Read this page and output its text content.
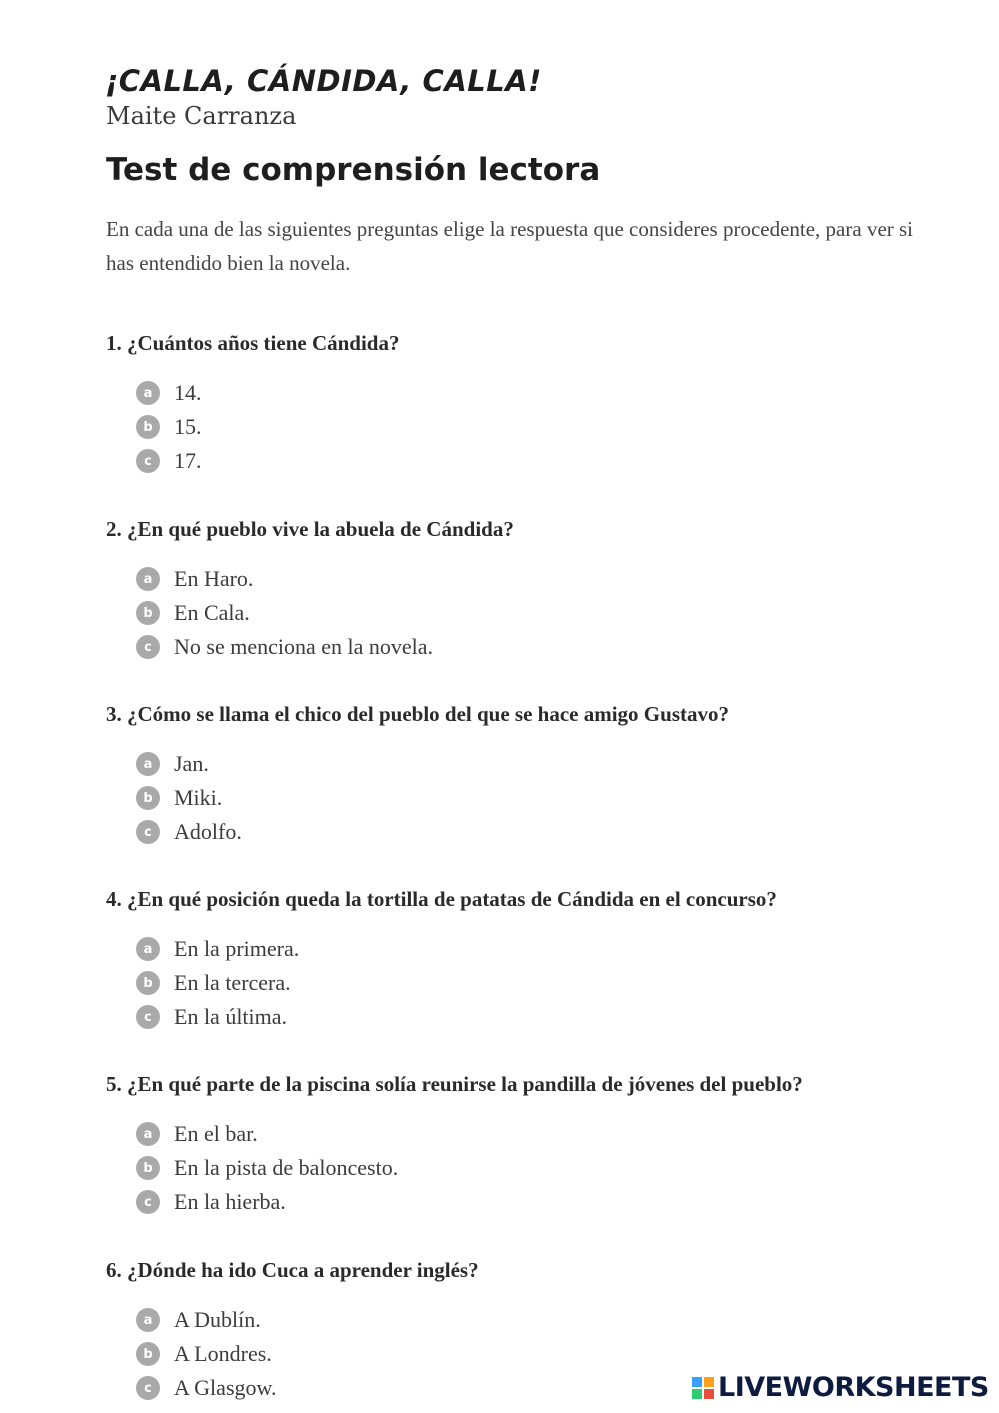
¡CALLA, CÁNDIDA, CALLA!

Maite Carranza

Test de comprensión lectora

En cada una de las siguientes preguntas elige la respuesta que consideres procedente, para ver si has entendido bien la novela.

1. ¿Cuántos años tiene Cándida?

a 14.
b 15.
c	17.

2. ¿En qué pueblo vive la abuela de Cándida?

a En Haro.
b En Cala.
c	No se menciona en la novela.

3. ¿Cómo se llama el chico del pueblo del que se hace amigo Gustavo?

a Jan.
b Miki.
c	Adolfo.

4. ¿En qué posición queda la tortilla de patatas de Cándida en el concurso?

a En la primera.
b En la tercera.
c	En la última.

5. ¿En qué parte de la piscina solía reunirse la pandilla de jóvenes del pueblo?

a En el bar.
b En la pista de baloncesto.
c	En la hierba.

6. ¿Dónde ha ido Cuca a aprender inglés?

a A Dublín.
b A Londres.
c	A Glasgow.	LIVEWORKSHEETS
